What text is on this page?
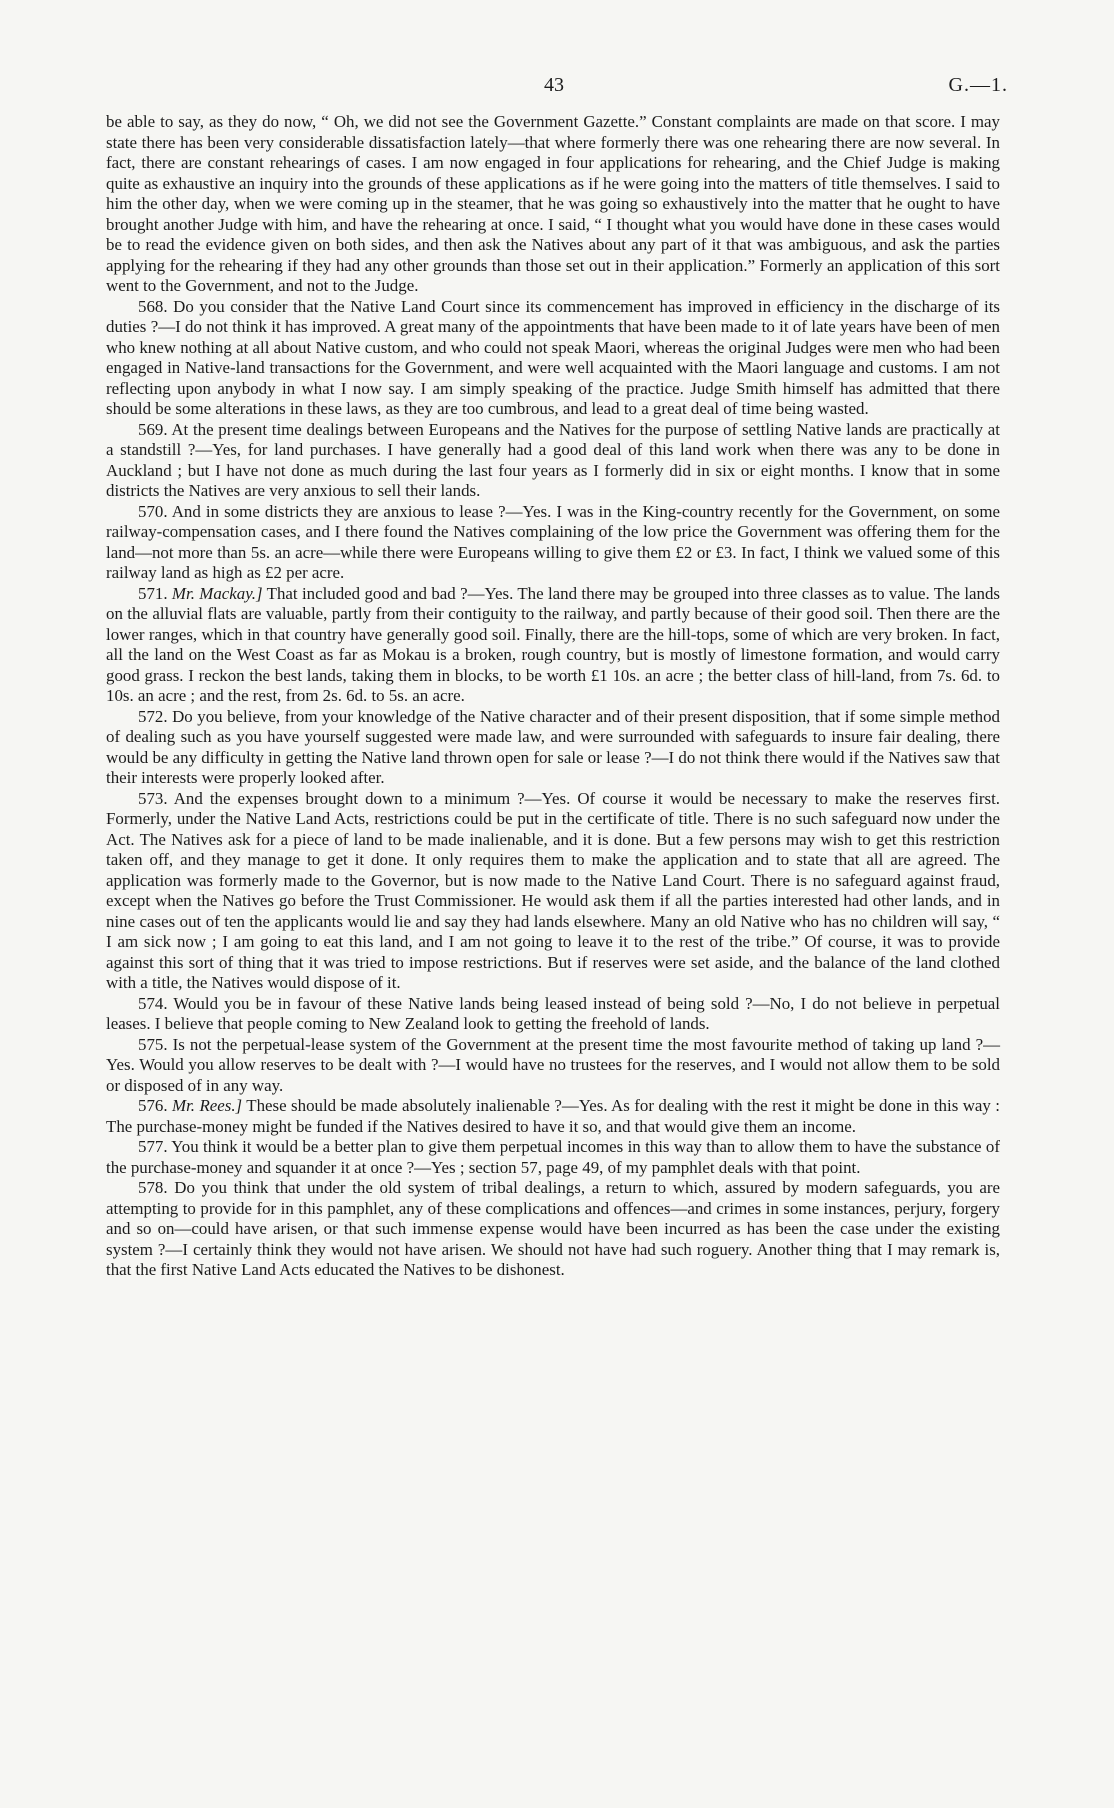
43	G.—1.

be able to say, as they do now, “ Oh, we did not see the Government Gazette.” Constant complaints are made on that score. I may state there has been very considerable dissatisfaction lately—that where formerly there was one rehearing there are now several. In fact, there are constant rehearings of cases. I am now engaged in four applications for rehearing, and the Chief Judge is making quite as exhaustive an inquiry into the grounds of these applications as if he were going into the matters of title themselves. I said to him the other day, when we were coming up in the steamer, that he was going so exhaustively into the matter that he ought to have brought another Judge with him, and have the rehearing at once. I said, “ I thought what you would have done in these cases would be to read the evidence given on both sides, and then ask the Natives about any part of it that was ambiguous, and ask the parties applying for the rehearing if they had any other grounds than those set out in their application.” Formerly an application of this sort went to the Government, and not to the Judge.

568. Do you consider that the Native Land Court since its commencement has improved in efficiency in the discharge of its duties ?—I do not think it has improved. A great many of the appointments that have been made to it of late years have been of men who knew nothing at all about Native custom, and who could not speak Maori, whereas the original Judges were men who had been engaged in Native-land transactions for the Government, and were well acquainted with the Maori language and customs. I am not reflecting upon anybody in what I now say. I am simply speaking of the practice. Judge Smith himself has admitted that there should be some alterations in these laws, as they are too cumbrous, and lead to a great deal of time being wasted.

569. At the present time dealings between Europeans and the Natives for the purpose of settling Native lands are practically at a standstill ?—Yes, for land purchases. I have generally had a good deal of this land work when there was any to be done in Auckland ; but I have not done as much during the last four years as I formerly did in six or eight months. I know that in some districts the Natives are very anxious to sell their lands.

570. And in some districts they are anxious to lease ?—Yes. I was in the King-country recently for the Government, on some railway-compensation cases, and I there found the Natives complaining of the low price the Government was offering them for the land—not more than 5s. an acre—while there were Europeans willing to give them £2 or £3. In fact, I think we valued some of this railway land as high as £2 per acre.

571. Mr. Mackay.] That included good and bad ?—Yes. The land there may be grouped into three classes as to value. The lands on the alluvial flats are valuable, partly from their contiguity to the railway, and partly because of their good soil. Then there are the lower ranges, which in that country have generally good soil. Finally, there are the hill-tops, some of which are very broken. In fact, all the land on the West Coast as far as Mokau is a broken, rough country, but is mostly of limestone formation, and would carry good grass. I reckon the best lands, taking them in blocks, to be worth £1 10s. an acre ; the better class of hill-land, from 7s. 6d. to 10s. an acre ; and the rest, from 2s. 6d. to 5s. an acre.

572. Do you believe, from your knowledge of the Native character and of their present disposition, that if some simple method of dealing such as you have yourself suggested were made law, and were surrounded with safeguards to insure fair dealing, there would be any difficulty in getting the Native land thrown open for sale or lease ?—I do not think there would if the Natives saw that their interests were properly looked after.

573. And the expenses brought down to a minimum ?—Yes. Of course it would be necessary to make the reserves first. Formerly, under the Native Land Acts, restrictions could be put in the certificate of title. There is no such safeguard now under the Act. The Natives ask for a piece of land to be made inalienable, and it is done. But a few persons may wish to get this restriction taken off, and they manage to get it done. It only requires them to make the application and to state that all are agreed. The application was formerly made to the Governor, but is now made to the Native Land Court. There is no safeguard against fraud, except when the Natives go before the Trust Commissioner. He would ask them if all the parties interested had other lands, and in nine cases out of ten the applicants would lie and say they had lands elsewhere. Many an old Native who has no children will say, “ I am sick now ; I am going to eat this land, and I am not going to leave it to the rest of the tribe.” Of course, it was to provide against this sort of thing that it was tried to impose restrictions. But if reserves were set aside, and the balance of the land clothed with a title, the Natives would dispose of it.

574. Would you be in favour of these Native lands being leased instead of being sold ?—No, I do not believe in perpetual leases. I believe that people coming to New Zealand look to getting the freehold of lands.

575. Is not the perpetual-lease system of the Government at the present time the most favourite method of taking up land ?—Yes. Would you allow reserves to be dealt with ?—I would have no trustees for the reserves, and I would not allow them to be sold or disposed of in any way.

576. Mr. Rees.] These should be made absolutely inalienable ?—Yes. As for dealing with the rest it might be done in this way : The purchase-money might be funded if the Natives desired to have it so, and that would give them an income.

577. You think it would be a better plan to give them perpetual incomes in this way than to allow them to have the substance of the purchase-money and squander it at once ?—Yes ; section 57, page 49, of my pamphlet deals with that point.

578. Do you think that under the old system of tribal dealings, a return to which, assured by modern safeguards, you are attempting to provide for in this pamphlet, any of these complications and offences—and crimes in some instances, perjury, forgery and so on—could have arisen, or that such immense expense would have been incurred as has been the case under the existing system ?—I certainly think they would not have arisen. We should not have had such roguery. Another thing that I may remark is, that the first Native Land Acts educated the Natives to be dishonest.
